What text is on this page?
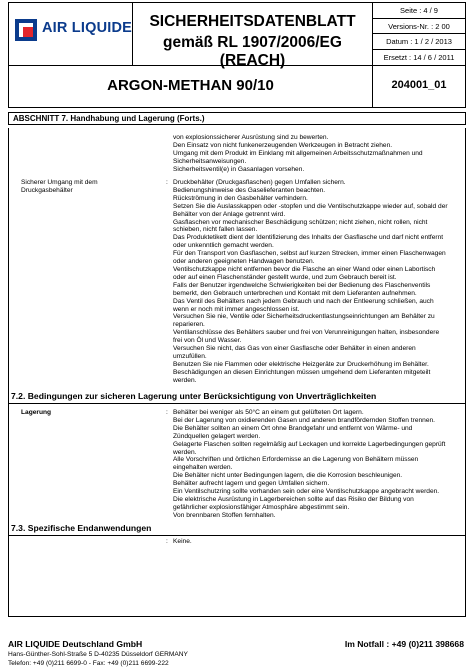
AIR LIQUIDE	SICHERHEITSDATENBLATT
gemäß RL 1907/2006/EG (REACH)
Seite : 4 / 9
Versions-Nr. : 2 00
Datum : 1 / 2 / 2013
Ersetzt : 14 / 6 / 2011
ARGON-METHAN 90/10	204001_01
ABSCHNITT 7. Handhabung und Lagerung (Forts.)
von explosionssicherer Ausrüstung sind zu bewerten.
Den Einsatz von nicht funkenerzeugenden Werkzeugen in Betracht ziehen.
Umgang mit dem Produkt im Einklang mit allgemeinen Arbeitsschutzmaßnahmen und
Sicherheitsanweisungen.
Sicherheitsventil(e) in Gasanlagen vorsehen.
Sicherer Umgang mit dem
Druckgasbehälter
: Druckbehälter (Druckgasflaschen) gegen Umfallen sichern.
Bedienungshinweise des Gaselieferanten beachten.
Rückströmung in den Gasbehälter verhindern.
Setzen Sie die Auslasskappen oder -stopfen und die Ventilschutzkappe wieder auf, sobald der
Behälter von der Anlage getrennt wird.
Gasflaschen vor mechanischer Beschädigung schützen; nicht ziehen, nicht rollen, nicht
schieben, nicht fallen lassen.
Das Produktetikett dient der Identifizierung des Inhalts der Gasflasche und darf nicht entfernt
oder unkenntlich gemacht werden.
Für den Transport von Gasflaschen, selbst auf kurzen Strecken, immer einen Flaschenwagen
oder anderen geeigneten Handwagen benutzen.
Ventilschutzkappe nicht entfernen bevor die Flasche an einer Wand oder einen Labortisch
oder auf einen Flaschenständer gestellt wurde, und zum Gebrauch bereit ist.
Falls der Benutzer irgendwelche Schwierigkeiten bei der Bedienung des Flaschenventils
bemerkt, den Gebrauch unterbrechen und Kontakt mit dem Lieferanten aufnehmen.
Das Ventil des Behälters nach jedem Gebrauch und nach der Entleerung schließen, auch
wenn er noch mit immer angeschlossen ist.
Versuchen Sie nie, Ventile oder Sicherheitsdruckentlastungseinrichtungen am Behälter zu
reparieren.
Ventilanschlüsse des Behälters sauber und frei von Verunreinigungen halten, insbesondere
frei von Öl und Wasser.
Versuchen Sie nicht, das Gas von einer Gasflasche oder Behälter in einen anderen
umzufüllen.
Benutzen Sie nie Flammen oder elektrische Heizgeräte zur Druckerhöhung im Behälter.
Beschädigungen an diesen Einrichtungen müssen umgehend dem Lieferanten mitgeteilt
werden.
7.2. Bedingungen zur sicheren Lagerung unter Berücksichtigung von Unverträglichkeiten
Lagerung	: Behälter bei weniger als 50°C an einem gut gelüfteten Ort lagern.
Bei der Lagerung von oxidierenden Gasen und anderen brandfördernden Stoffen trennen.
Die Behälter sollten an einem Ort ohne Brandgefahr und entfernt von Wärme- und
Zündquellen gelagert werden.
Gelagerte Flaschen sollten regelmäßig auf Leckagen und korrekte Lagerbedingungen geprüft
werden.
Alle Vorschriften und örtlichen Erfordernisse an die Lagerung von Behältern müssen
eingehalten werden.
Die Behälter nicht unter Bedingungen lagern, die die Korrosion beschleunigen.
Behälter aufrecht lagern und gegen Umfallen sichern.
Ein Ventilschutzring sollte vorhanden sein oder eine Ventilschutzkappe angebracht werden.
Die elektrische Ausrüstung in Lagerbereichen sollte auf das Risiko der Bildung von
gefährlicher explosionsfähiger Atmosphäre abgestimmt sein.
Von brennbaren Stoffen fernhalten.
7.3. Spezifische Endanwendungen
: Keine.
AIR LIQUIDE Deutschland GmbH
Hans-Günther-Sohl-Straße 5 D-40235 Düsseldorf GERMANY
Telefon: +49 (0)211 6699-0 - Fax: +49 (0)211 6699-222
Im Notfall : +49 (0)211 398668
